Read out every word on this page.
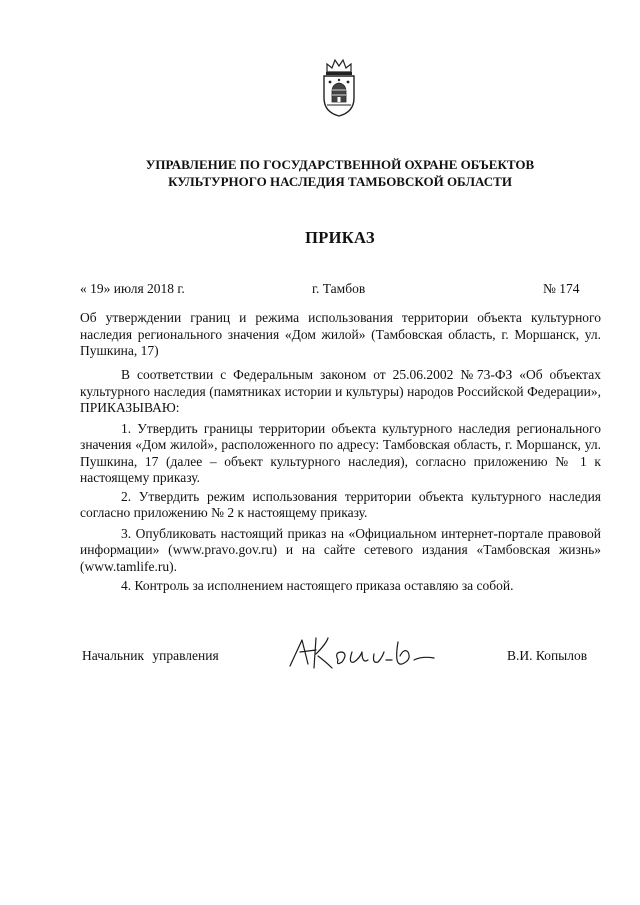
УПРАВЛЕНИЕ ПО ГОСУДАРСТВЕННОЙ ОХРАНЕ ОБЪЕКТОВ
КУЛЬТУРНОГО НАСЛЕДИЯ ТАМБОВСКОЙ ОБЛАСТИ
ПРИКАЗ
« 19» июля 2018 г.	г. Тамбов	№ 174
Об утверждении границ и режима использования территории объекта культурного наследия регионального значения «Дом жилой» (Тамбовская область, г. Моршанск, ул. Пушкина, 17)

В соответствии с Федеральным законом от 25.06.2002 №73-ФЗ «Об объектах культурного наследия (памятниках истории и культуры) народов Российской Федерации», ПРИКАЗЫВАЮ:

1. Утвердить границы территории объекта культурного наследия регионального значения «Дом жилой», расположенного по адресу: Тамбовская область, г. Моршанск, ул. Пушкина, 17 (далее – объект культурного наследия), согласно приложению № 1 к настоящему приказу.

2. Утвердить режим использования территории объекта культурного наследия согласно приложению № 2 к настоящему приказу.

3. Опубликовать настоящий приказ на «Официальном интернет-портале правовой информации» (www.pravo.gov.ru) и на сайте сетевого издания «Тамбовская жизнь» (www.tamlife.ru).

4. Контроль за исполнением настоящего приказа оставляю за собой.

Начальник управления	В.И. Копылов
